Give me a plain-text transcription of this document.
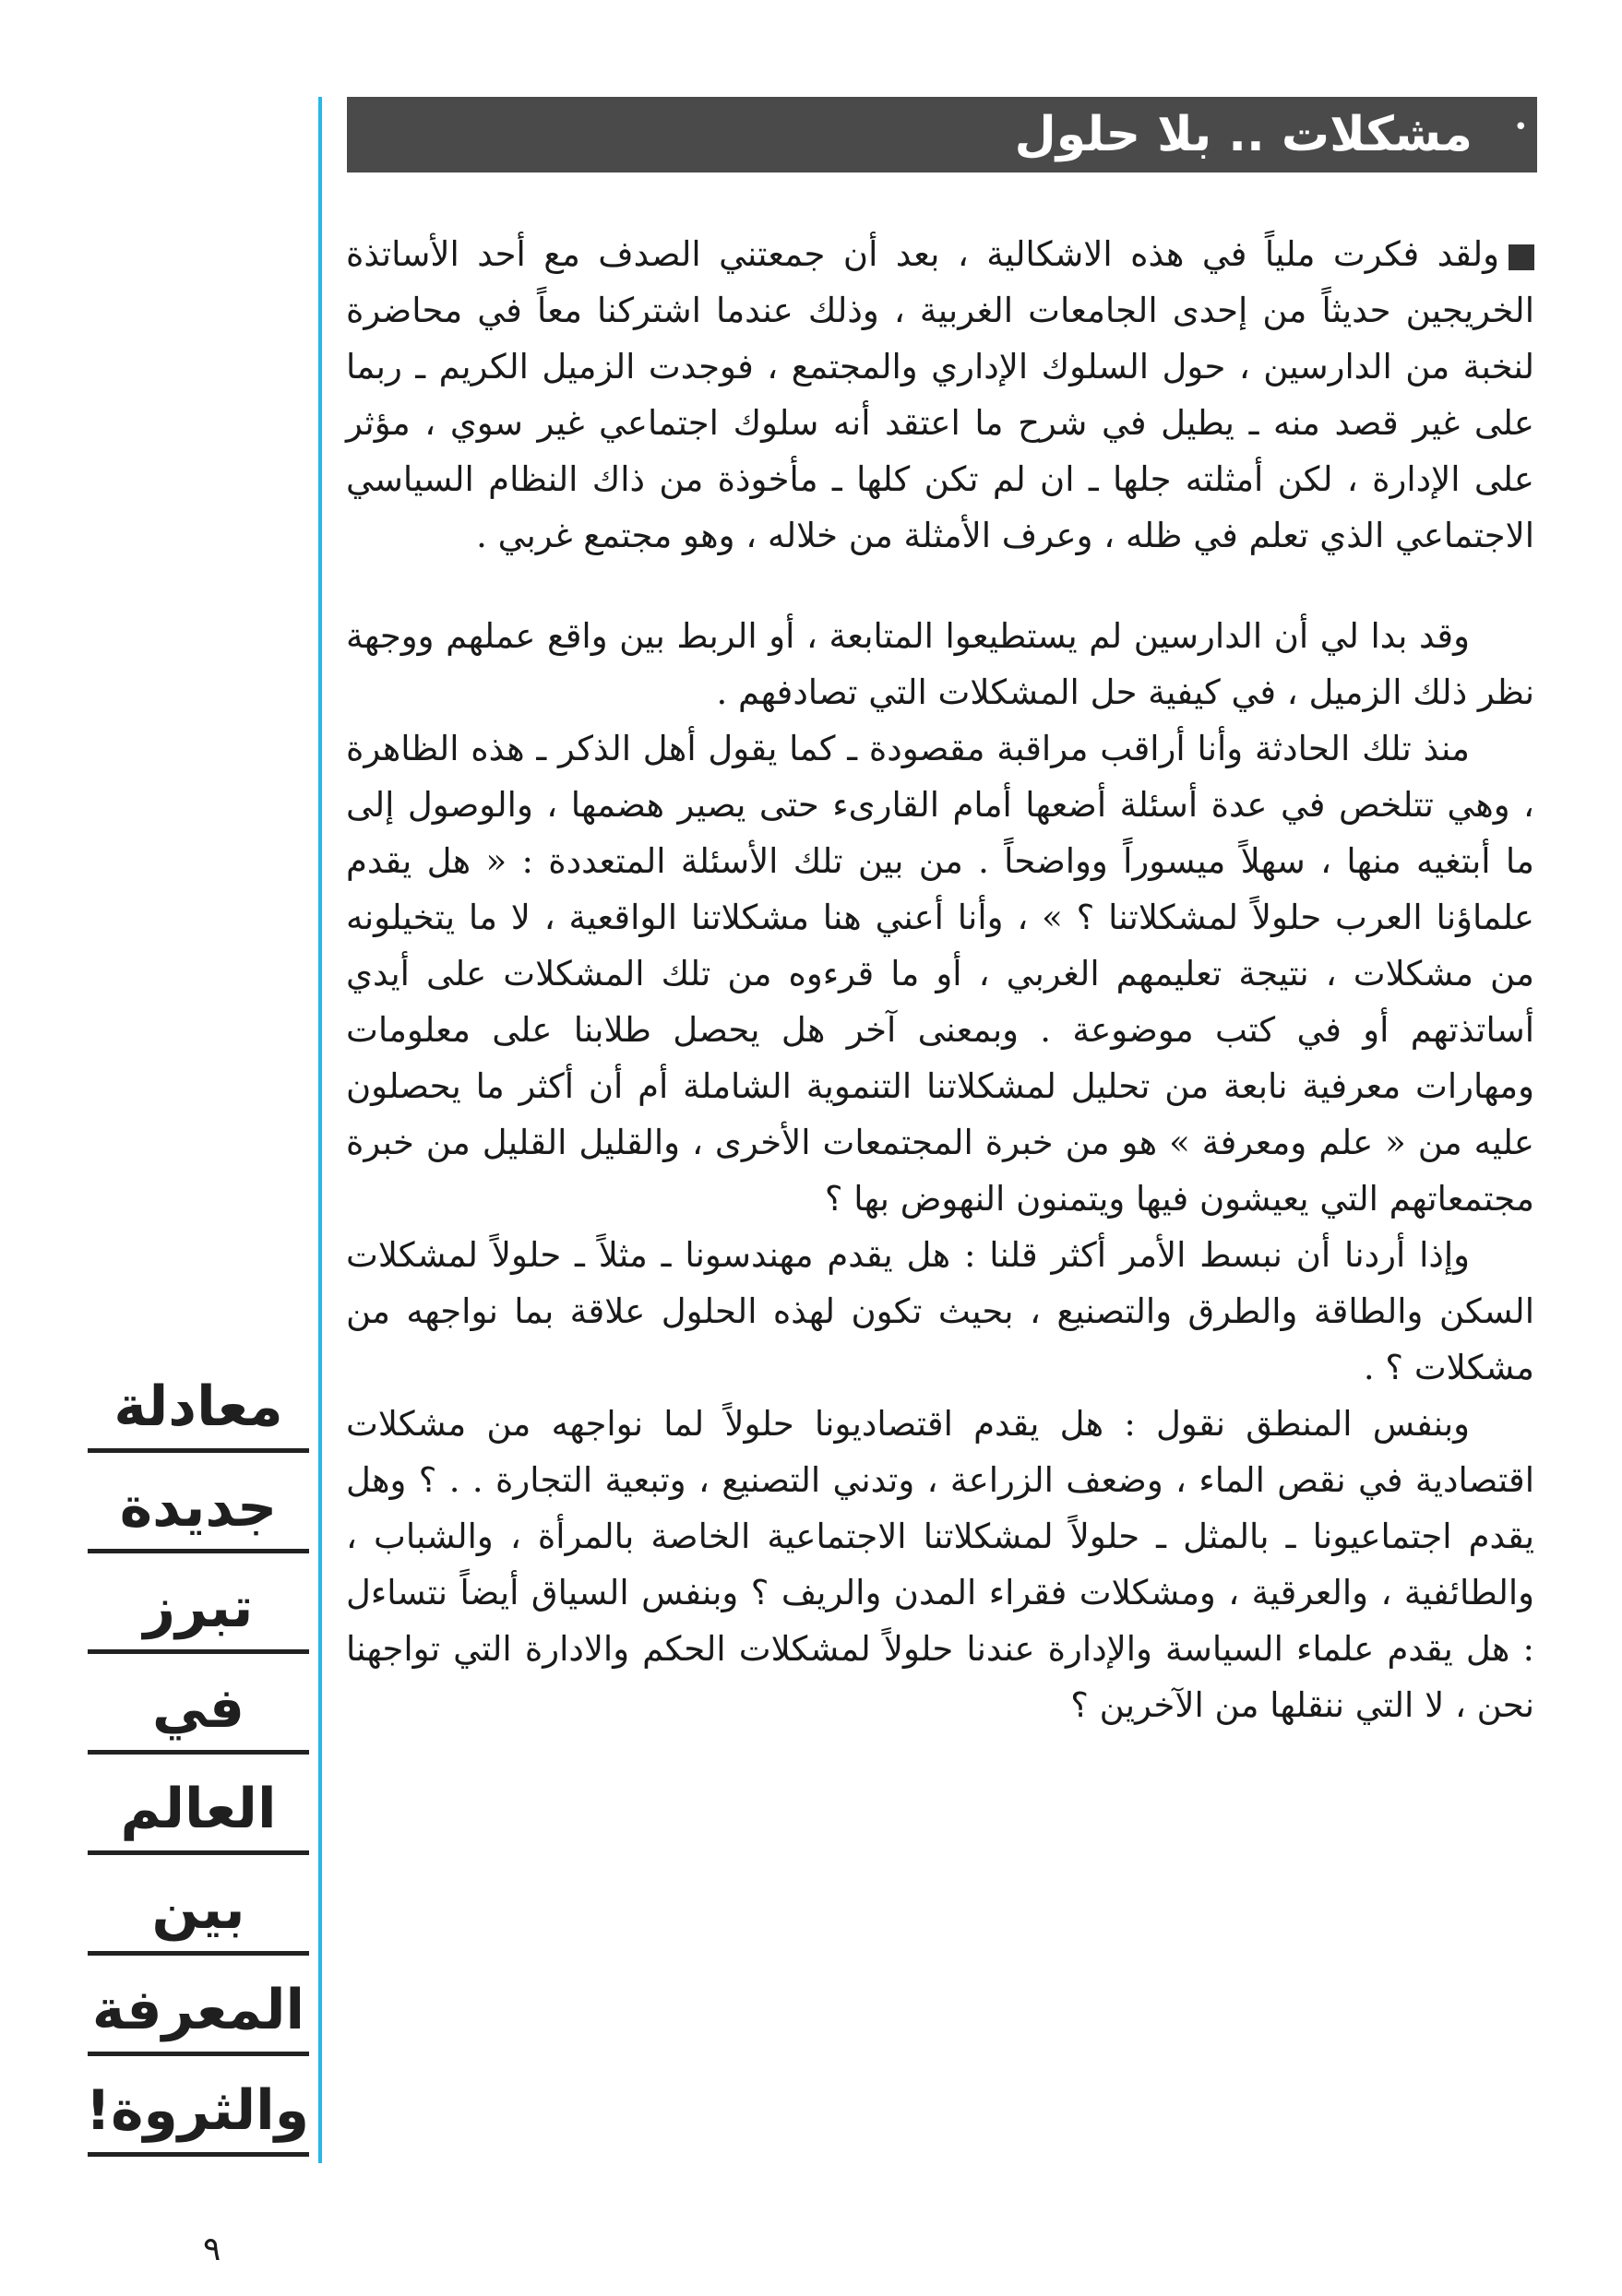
•
مشكلات .. بلا حلول

ولقد فكرت ملياً في هذه الاشكالية ، بعد أن جمعتني الصدف مع أحد الأساتذة الخريجين حديثاً من إحدى الجامعات الغربية ، وذلك عندما اشتركنا معاً في محاضرة لنخبة من الدارسين ، حول السلوك الإداري والمجتمع ، فوجدت الزميل الكريم ـ ربما على غير قصد منه ـ يطيل في شرح ما اعتقد أنه سلوك اجتماعي غير سوي ، مؤثر على الإدارة ، لكن أمثلته جلها ـ ان لم تكن كلها ـ مأخوذة من ذاك النظام السياسي الاجتماعي الذي تعلم في ظله ، وعرف الأمثلة من خلاله ، وهو مجتمع غربي .

وقد بدا لي أن الدارسين لم يستطيعوا المتابعة ، أو الربط بين واقع عملهم ووجهة نظر ذلك الزميل ، في كيفية حل المشكلات التي تصادفهم .

منذ تلك الحادثة وأنا أراقب مراقبة مقصودة ـ كما يقول أهل الذكر ـ هذه الظاهرة ، وهي تتلخص في عدة أسئلة أضعها أمام القارىء حتى يصير هضمها ، والوصول إلى ما أبتغيه منها ، سهلاً ميسوراً وواضحاً . من بين تلك الأسئلة المتعددة : « هل يقدم علماؤنا العرب حلولاً لمشكلاتنا ؟ » ، وأنا أعني هنا مشكلاتنا الواقعية ، لا ما يتخيلونه من مشكلات ، نتيجة تعليمهم الغربي ، أو ما قرءوه من تلك المشكلات على أيدي أساتذتهم أو في كتب موضوعة . وبمعنى آخر هل يحصل طلابنا على معلومات ومهارات معرفية نابعة من تحليل لمشكلاتنا التنموية الشاملة أم أن أكثر ما يحصلون عليه من « علم ومعرفة » هو من خبرة المجتمعات الأخرى ، والقليل القليل من خبرة مجتمعاتهم التي يعيشون فيها ويتمنون النهوض بها ؟

وإذا أردنا أن نبسط الأمر أكثر قلنا : هل يقدم مهندسونا ـ مثلاً ـ حلولاً لمشكلات السكن والطاقة والطرق والتصنيع ، بحيث تكون لهذه الحلول علاقة بما نواجهه من مشكلات ؟ .

وبنفس المنطق نقول : هل يقدم اقتصاديونا حلولاً لما نواجهه من مشكلات اقتصادية في نقص الماء ، وضعف الزراعة ، وتدني التصنيع ، وتبعية التجارة . . ؟ وهل يقدم اجتماعيونا ـ بالمثل ـ حلولاً لمشكلاتنا الاجتماعية الخاصة بالمرأة ، والشباب ، والطائفية ، والعرقية ، ومشكلات فقراء المدن والريف ؟ وبنفس السياق أيضاً نتساءل : هل يقدم علماء السياسة والإدارة عندنا حلولاً لمشكلات الحكم والادارة التي تواجهنا نحن ، لا التي ننقلها من الآخرين ؟

معادلة
جديدة
تبرز
في
العالم
بين
المعرفة
والثروة!
٩
